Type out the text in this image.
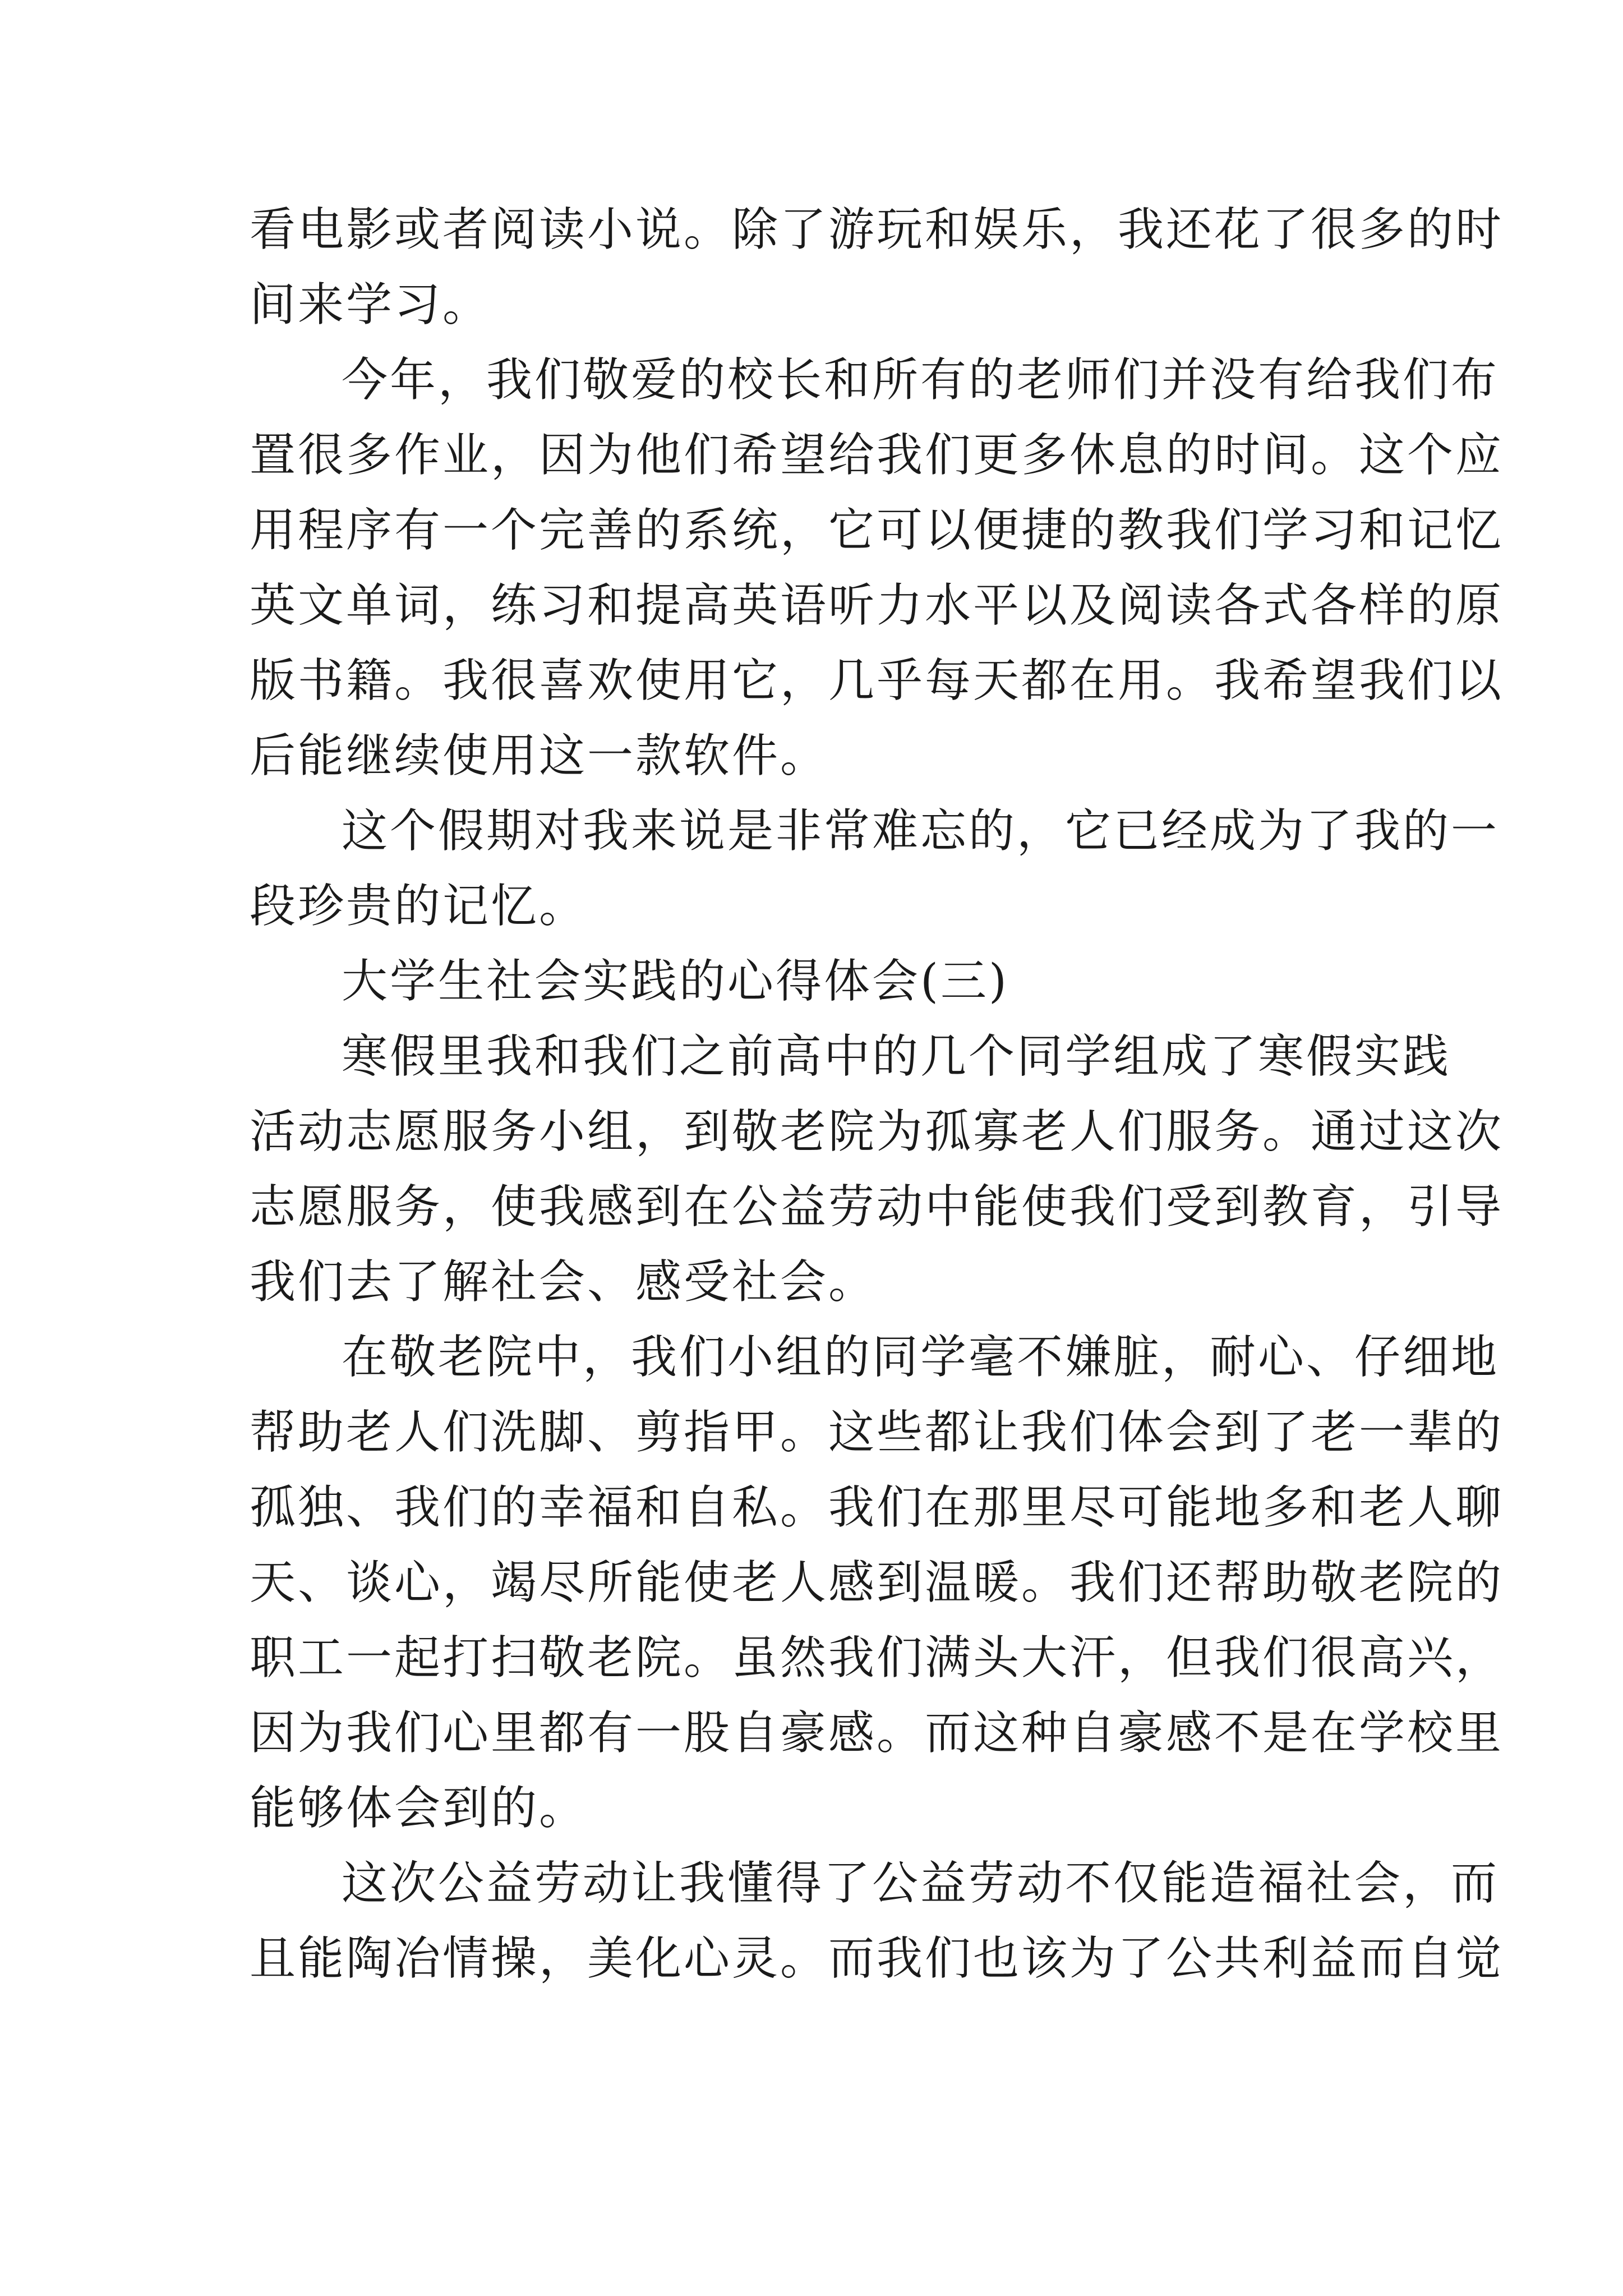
看电影或者阅读小说。除了游玩和娱乐，我还花了很多的时
间来学习。
今年，我们敬爱的校长和所有的老师们并没有给我们布
置很多作业，因为他们希望给我们更多休息的时间。这个应
用程序有一个完善的系统，它可以便捷的教我们学习和记忆
英文单词，练习和提高英语听力水平以及阅读各式各样的原
版书籍。我很喜欢使用它，几乎每天都在用。我希望我们以
后能继续使用这一款软件。
这个假期对我来说是非常难忘的，它已经成为了我的一
段珍贵的记忆。
大学生社会实践的心得体会(三)
寒假里我和我们之前高中的几个同学组成了寒假实践
活动志愿服务小组，到敬老院为孤寡老人们服务。通过这次
志愿服务，使我感到在公益劳动中能使我们受到教育，引导
我们去了解社会、感受社会。
在敬老院中，我们小组的同学毫不嫌脏，耐心、仔细地
帮助老人们洗脚、剪指甲。这些都让我们体会到了老一辈的
孤独、我们的幸福和自私。我们在那里尽可能地多和老人聊
天、谈心，竭尽所能使老人感到温暖。我们还帮助敬老院的
职工一起打扫敬老院。虽然我们满头大汗，但我们很高兴，
因为我们心里都有一股自豪感。而这种自豪感不是在学校里
能够体会到的。
这次公益劳动让我懂得了公益劳动不仅能造福社会，而
且能陶冶情操，美化心灵。而我们也该为了公共利益而自觉
